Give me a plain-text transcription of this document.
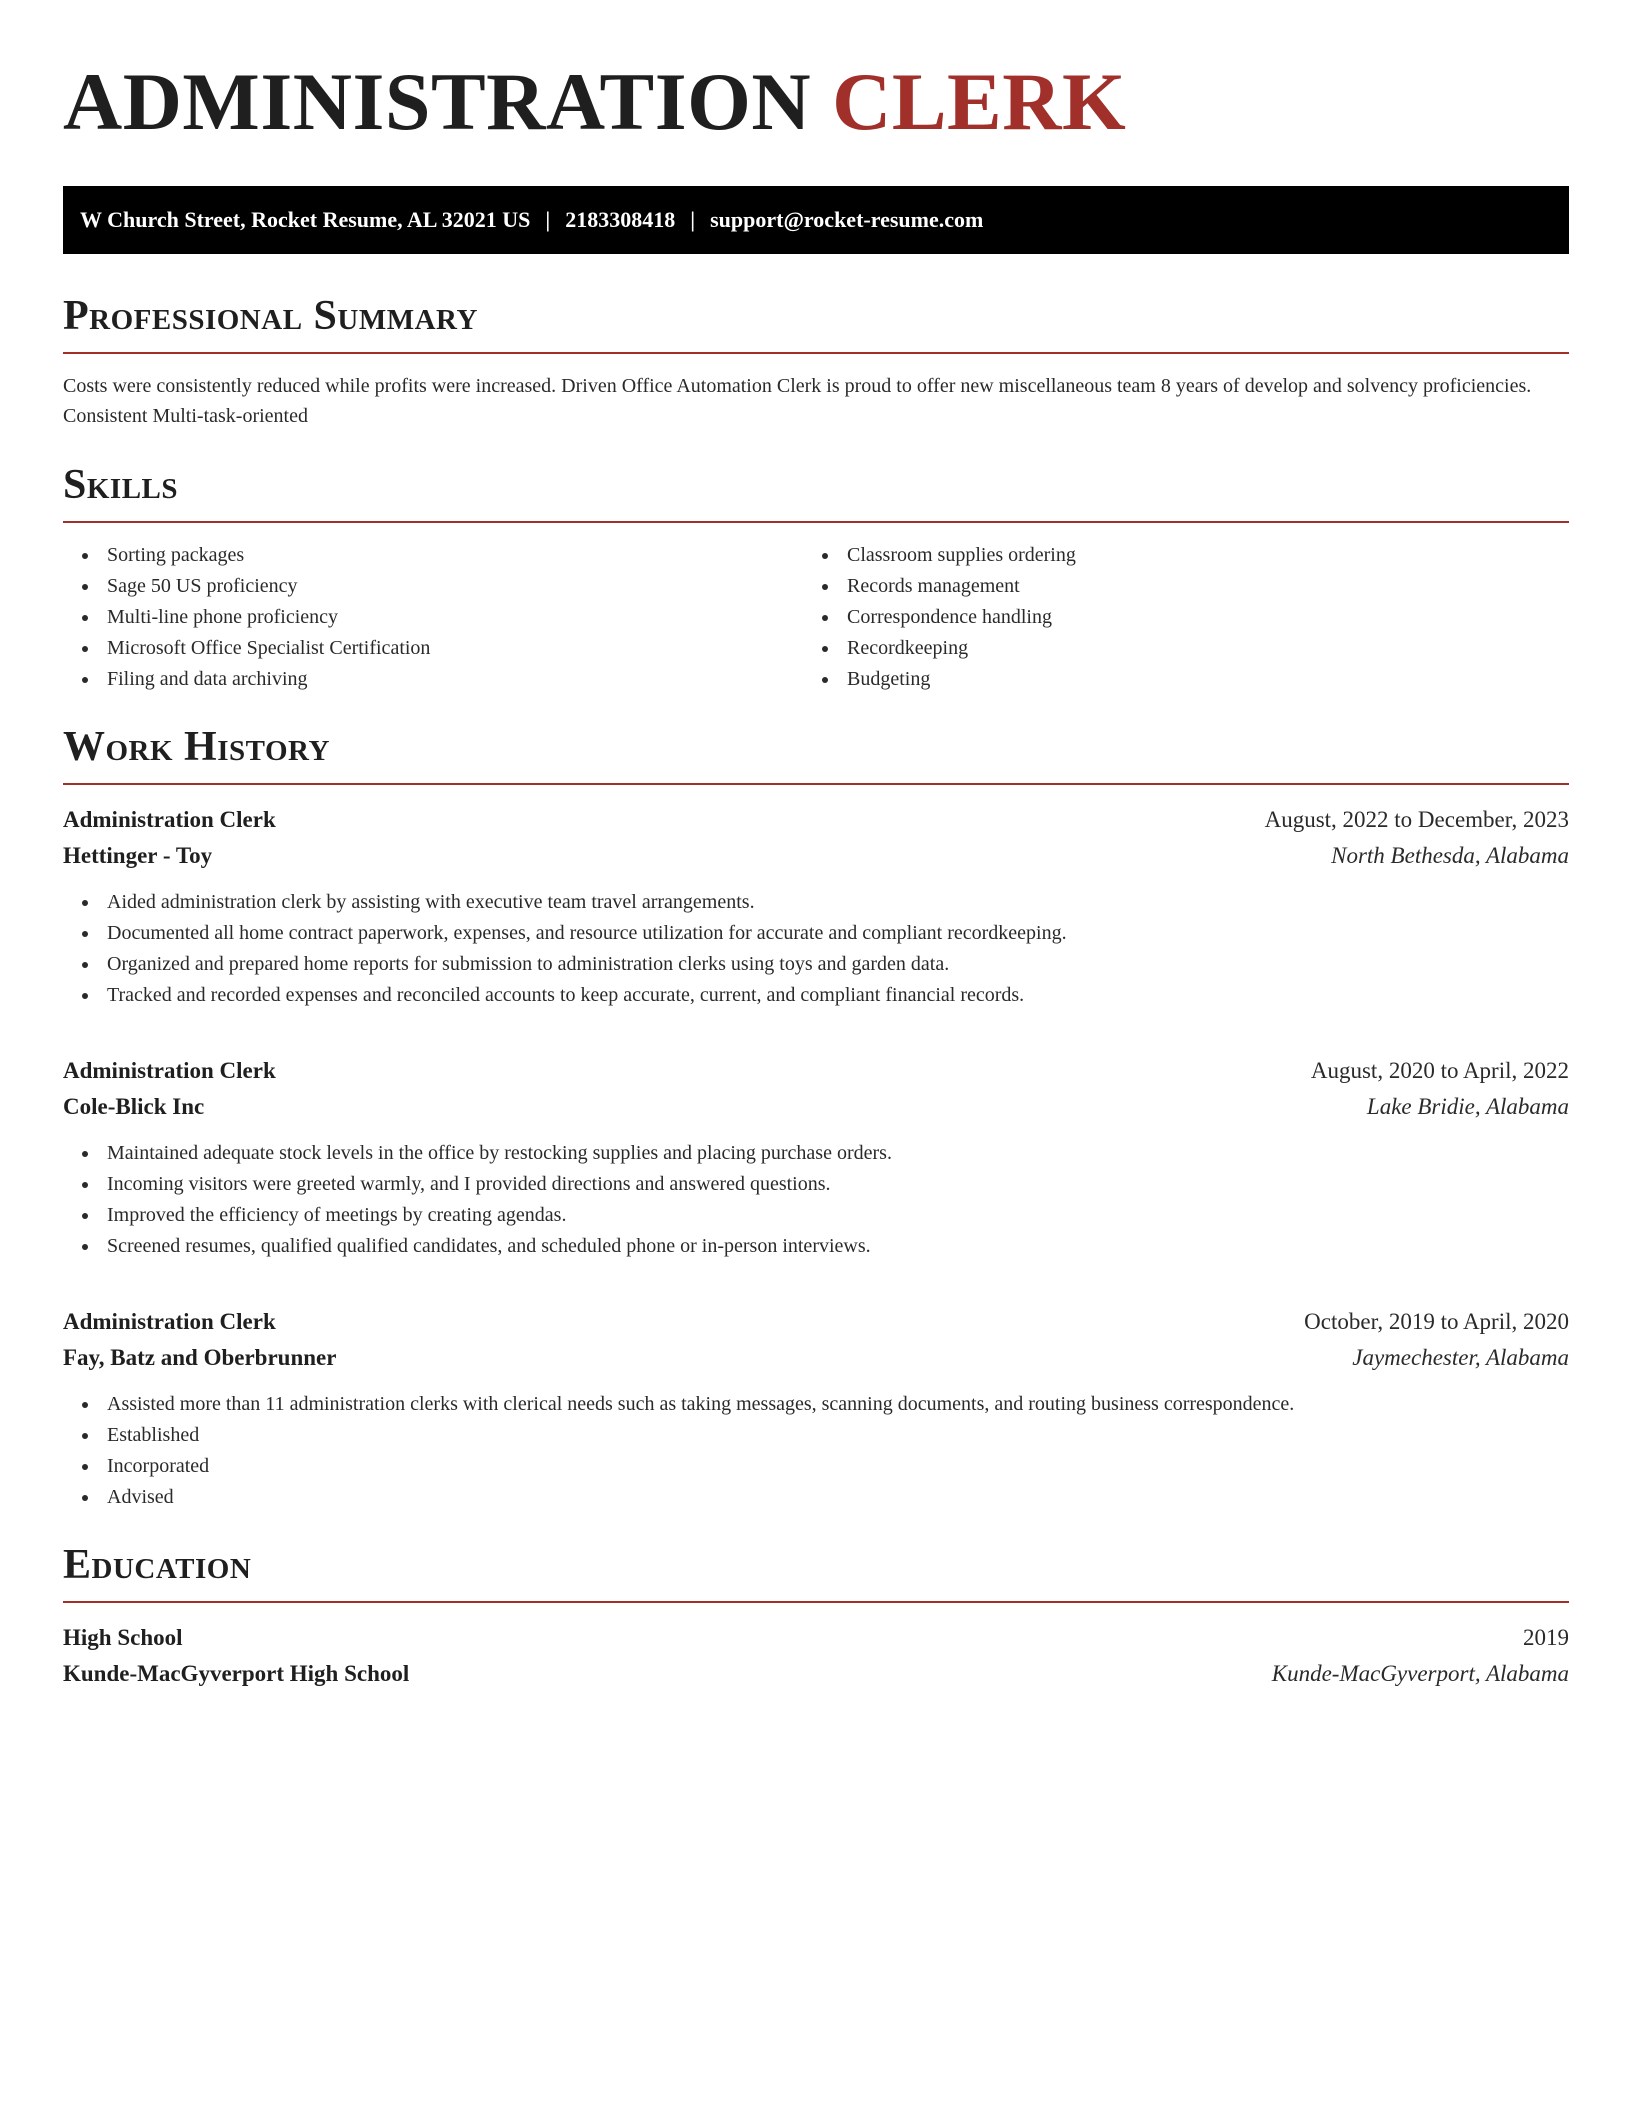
ADMINISTRATION CLERK
W Church Street, Rocket Resume, AL 32021 US | 2183308418 | support@rocket-resume.com
Professional Summary

Costs were consistently reduced while profits were increased. Driven Office Automation Clerk is proud to offer new miscellaneous team 8 years of develop and solvency proficiencies. Consistent Multi-task-oriented

Skills
Sorting packages
Sage 50 US proficiency
Multi-line phone proficiency
Microsoft Office Specialist Certification
Filing and data archiving
Classroom supplies ordering
Records management
Correspondence handling
Recordkeeping
Budgeting
Work History
Administration Clerk	August, 2022 to December, 2023
Hettinger - Toy	North Bethesda, Alabama
Aided administration clerk by assisting with executive team travel arrangements.
Documented all home contract paperwork, expenses, and resource utilization for accurate and compliant recordkeeping.
Organized and prepared home reports for submission to administration clerks using toys and garden data.
Tracked and recorded expenses and reconciled accounts to keep accurate, current, and compliant financial records.
Administration Clerk	August, 2020 to April, 2022
Cole-Blick Inc	Lake Bridie, Alabama
Maintained adequate stock levels in the office by restocking supplies and placing purchase orders.
Incoming visitors were greeted warmly, and I provided directions and answered questions.
Improved the efficiency of meetings by creating agendas.
Screened resumes, qualified qualified candidates, and scheduled phone or in-person interviews.
Administration Clerk	October, 2019 to April, 2020
Fay, Batz and Oberbrunner	Jaymechester, Alabama
Assisted more than 11 administration clerks with clerical needs such as taking messages, scanning documents, and routing business correspondence.
Established
Incorporated
Advised
Education
High School	2019
Kunde-MacGyverport High School	Kunde-MacGyverport, Alabama
